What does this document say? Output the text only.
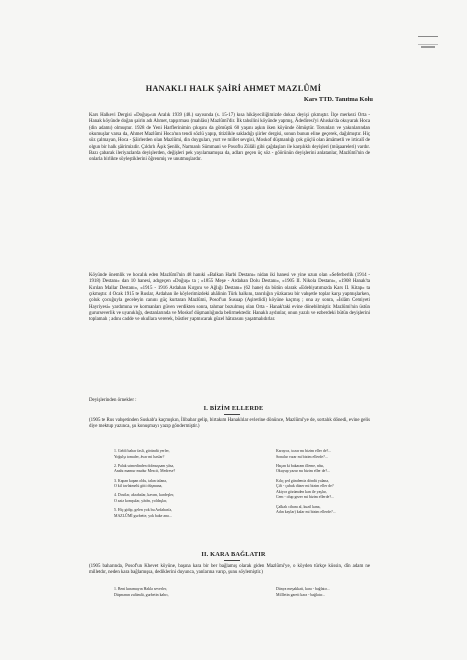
HANAKLI HALK ŞAİRİ AHMET MAZLÛMİ
Kars TTD. Tanıtma Kolu
Kars Halkevi Dergisi «Doğuş»un Aralık 1939 (48.) sayısında (s. 15-17) kısa hikâyeciliğimizde dokuz deyişi çıkmıştır. İlçe merkezi Orta - Hanak köyünde doğan şairin adı Ahmet, tapşırması (mahlâsı) Mazlûmî'dir. İlk tahsilini köyünde yapmış, Âdedi̇resi'yi Ahıska'da okuyarak Hoca (din adamı) olmuştur. 1928 de Yeni Harflerinimin çıkışını da gömüştü 60 yaşını aşkın iken köyünde ölmüştür. Torunları ve yakınlarından okumuşlar varsa da, Ahmet Mazlûmi Hoca'nın tendi sözlü yapıp, titizlikle sakladığı şiirler dergisi, sonun bunun eline geçerek, dağılmıştır. Hiç söz çalmayan, Hoca - Şâirlerden olan Mazlûmi, din duyguları, yurt ve millet sevgisi, Moskof düşmanlığı çok güçlü olan âmâmetli ve irticalî de olgun bir halk şâirimizdir. Çıldırlı Âşık Şenlik, Narmanlı Sümmani ve Posoflu Zülâli gibi çağdaşları ile karşılıklı deyişleri (müşaareleri) vardır. Bazı çabarak ileriyazlarda deyişlerden, değişleri pek yayılamamışsa da, adları geçen üç söz - göörünün deyişlerini anlatanlar, Mazlûmî'nin de onlarla birlikte söyleştiklerini öğrenmiş ve unutmuşlardır.
Köyünde önemlik ve hocalık eden Mazlûmî'nin 48 hanıki «Balkan Harbi Destanı» nidan iki hanesi ve yine uzun olan «Seferberlik (1914 - 1918) Destanı» dan 10 hanesi, adıgeçen «Doğuş» ta ; «1855 Meşe - Ardahan Dolu Destanı», «1905 II. Nikola Destanı», «1908 Hanak'ta Kırılan Mallar Destanı», «1915 - 1916 Ardahan Kırgını ve Ağlığı Destanı» (62 hane) da bütün olarak «Edebiyatımızda Kars II. Kitap» ta çıkmıştır. 4 Ocak 1915 te Ruslar, Ardahan ile köylerimizdeki ahâlinin Türk halkını, tanrılığın yüzkarası bir vahşetle toplar karşı yapmışlarken, çoluk çocuğuyla geceleyin canını güç kurtaran Mazlûmi, Posof'un Susuap (Aşiretlidi) köyüne kaçmış ; ona ay sonra, «İslâm Cemiyeti Hayriyesi» yardımına ve kormanları güven verdikten sonra, tahmar bozulmuş olan Orta - Hanak'taki evine dönebilmiştir. Mazlûmi'nin üstün gururseverlik ve uyanıklığı, destanlarında ve Moskof düşmanlığında belirmektedir. Hanaklı aydınlar, onun yazılı ve ezberdeki bütün deyişlerini toplamalı ; adını cadde ve okullara vererek, büstler yapmıcarak güzel hâtırasını yaşatmalıdırlar.
Deyişlerinden örnekler :
I. BİZİM ELLERDE
(1905 te Rus vahşetinden Suskab'a kaçmışkın, İlibabar gelip, birtakım Hanaklılar evlerine dönünce, Mazlûmi'ye de, sortalık dönedi, evine gelis diye mektup yazınca, şu konuşmayı yazıp göndermiştir.)
1. Geldi bahar fasli, göründü yerler,
Yoğulşı tomaler, âvar mi haslar?
2. Palak sıtmedinden dolmuşsam yâsa,
Anahı mamur mudur Mescit, Medrese?
3. Kapan kapan oldu, talan talana,
O kil tavlatmelü gitti düşmana,
4. Dostlar, akrabalar, kavım, kardeşler,
O aziz komşular, yârân, yoldaşlar,
5. Hiç gidip, gelen yok bu Ardahan'a,
MAZLÛMİ gurbette, yok bake ana...
Karayıcı, tozar mı bizim eller de?...
Sonalar vızar mi bizim ellerde?...
Haçan ki bakaram illeme, nâsı,
Okuyup yazar mı bizim eller de?...
Kılıç şed gündemiz döndü yalana,
Çift - çubuk düzer mi bizim eller de?
Akiyor gözümden kan ile yaşlar,
Cem - olup gezer mi bizim ellerde?...
Çalkalı cihanı al, kuzil kana,
Adın kaylar) kalar mi bizim ellerde?...
II. KARA BAĞLATIR
(1905 baharında, Posof'un Khevet köyüne, başına kara bir ber bağlamış olarak giden Mazlûmi'ye, o köyden türkçe küssin, dîn adam ne milletdır, neden kara bağlamışsa, dediklerini duyunca, yanlarına varıp, şunu söylemiştir.)
1. Beni kınamayın Hakla severler,
Düşmanın zulümlü, gurbetin kahrı,
Dünya meşakkati, kara - bağlatır...
Millletin gareti kara - bağlatır...
